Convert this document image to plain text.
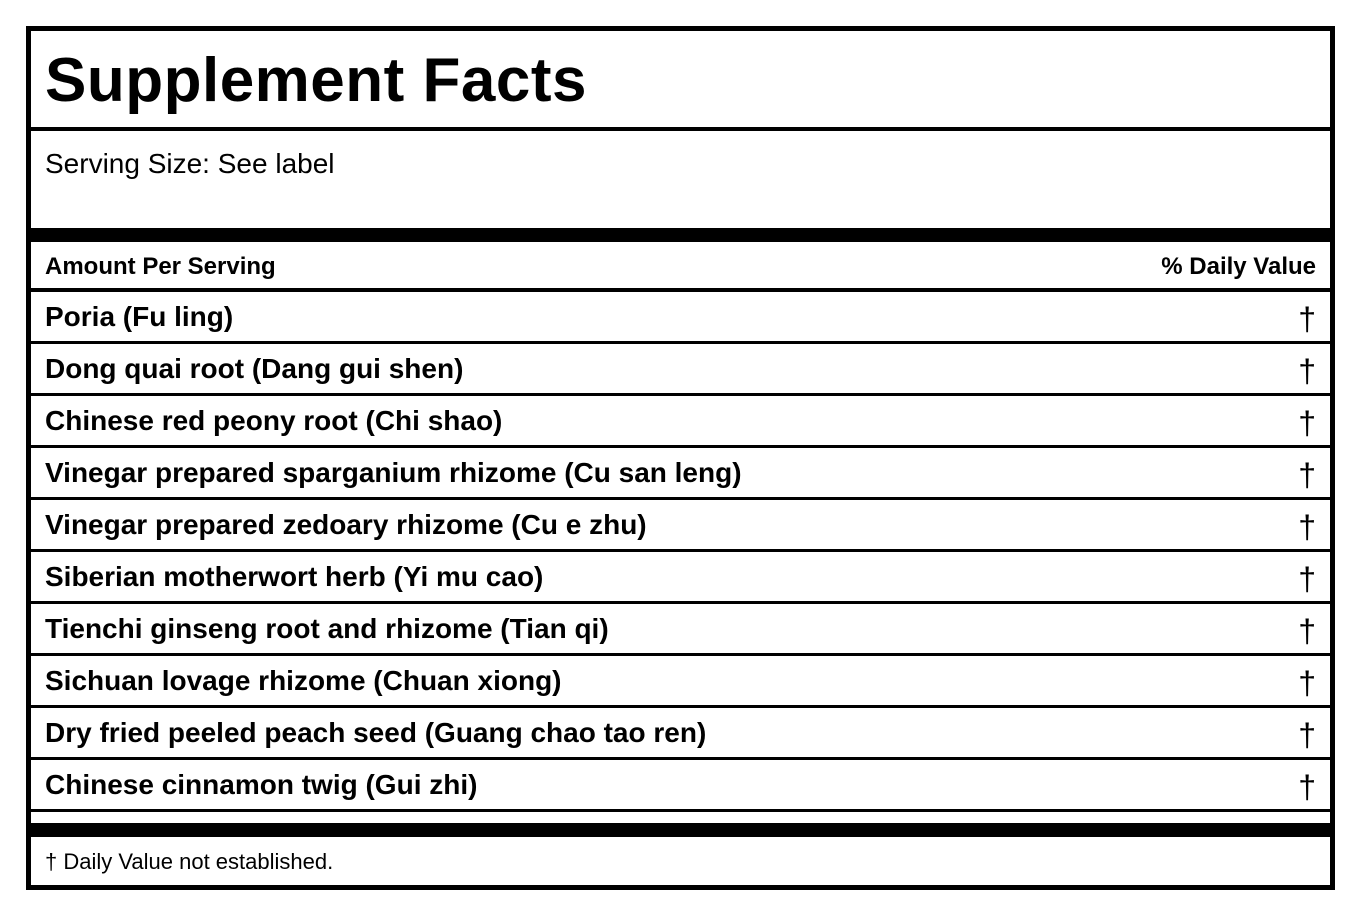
Supplement Facts
Serving Size: See label
Amount Per Serving	% Daily Value
Poria (Fu ling)	†
Dong quai root (Dang gui shen)	†
Chinese red peony root (Chi shao)	†
Vinegar prepared sparganium rhizome (Cu san leng)	†
Vinegar prepared zedoary rhizome (Cu e zhu)	†
Siberian motherwort herb (Yi mu cao)	†
Tienchi ginseng root and rhizome (Tian qi)	†
Sichuan lovage rhizome (Chuan xiong)	†
Dry fried peeled peach seed (Guang chao tao ren)	†
Chinese cinnamon twig (Gui zhi)	†
† Daily Value not established.
